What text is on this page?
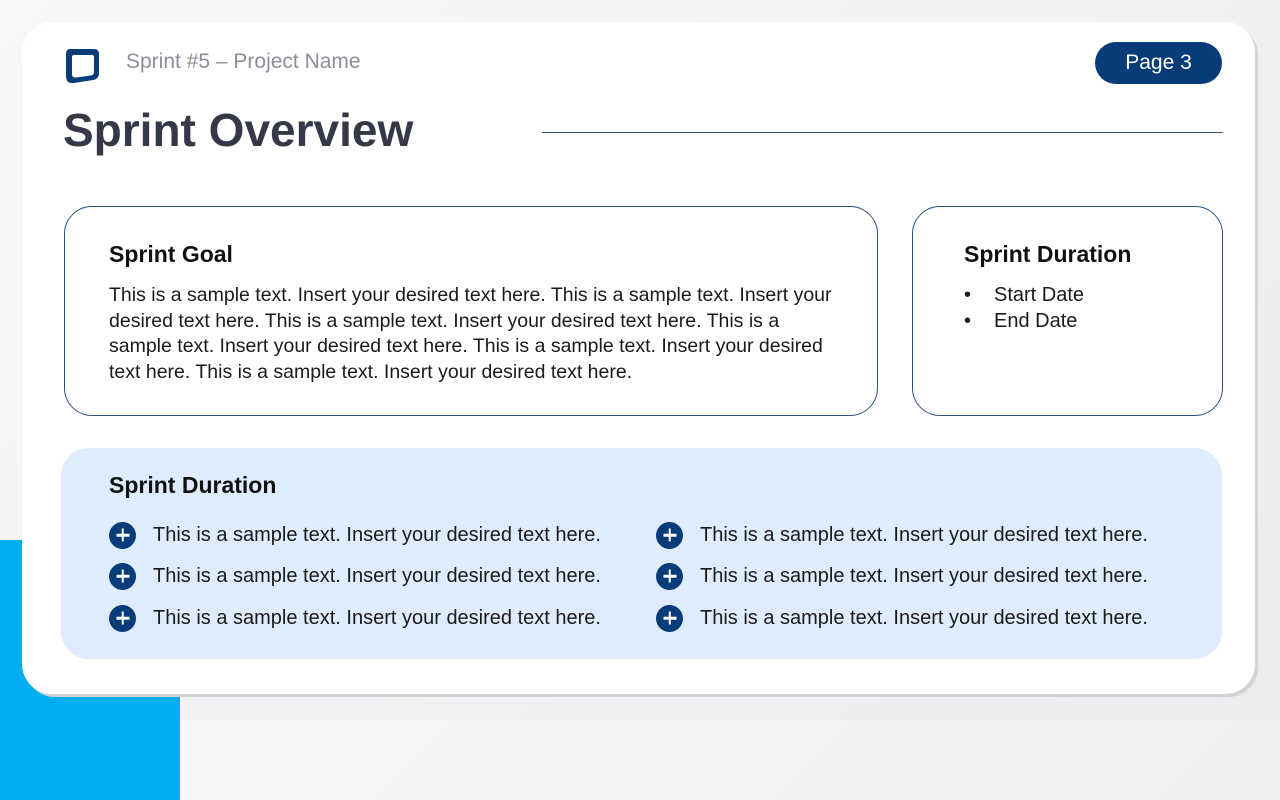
Sprint #5 – Project Name	Page 3
Sprint Overview
Sprint Goal
This is a sample text. Insert your desired text here. This is a sample text. Insert your desired text here. This is a sample text. Insert your desired text here. This is a sample text. Insert your desired text here. This is a sample text. Insert your desired text here. This is a sample text. Insert your desired text here.
Sprint Duration
• Start Date
• End Date
Sprint Duration
This is a sample text. Insert your desired text here.
This is a sample text. Insert your desired text here.
This is a sample text. Insert your desired text here.
This is a sample text. Insert your desired text here.
This is a sample text. Insert your desired text here.
This is a sample text. Insert your desired text here.
